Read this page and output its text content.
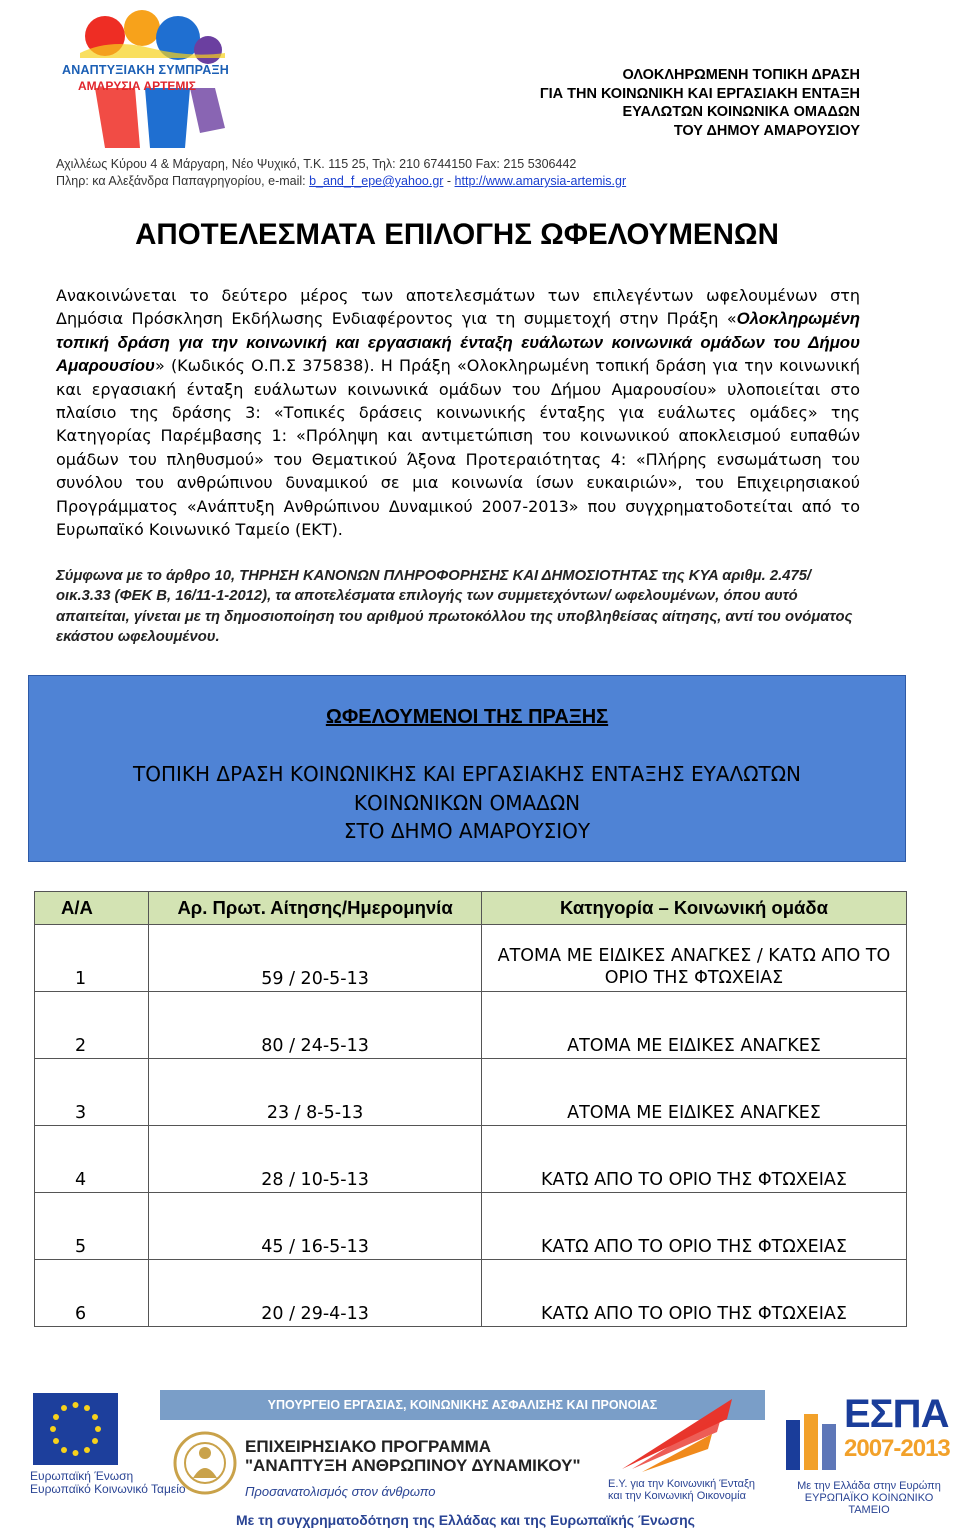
ΑΝΑΠΤΥΞΙΑΚΗ ΣΥΜΠΡΑΞΗ
ΑΜΑΡΥΣΙΑ ΑΡΤΕΜΙΣ
ΟΛΟΚΛΗΡΩΜΕΝΗ ΤΟΠΙΚΗ ΔΡΑΣΗ
ΓΙΑ ΤΗΝ ΚΟΙΝΩΝΙΚΗ ΚΑΙ ΕΡΓΑΣΙΑΚΗ ΕΝΤΑΞΗ
ΕΥΑΛΩΤΩΝ ΚΟΙΝΩΝΙΚΑ ΟΜΑΔΩΝ
ΤΟΥ ΔΗΜΟΥ ΑΜΑΡΟΥΣΙΟΥ
Αχιλλέως Κύρου 4 & Μάρyαρη, Νέο Ψυχικό, Τ.Κ. 115 25, Τηλ: 210 6744150 Fax: 215 5306442
Πληρ: κα Αλεξάνδρα Παπαγρηγορίου, e-mail: b_and_f_epe@yahoo.gr - http://www.amarysia-artemis.gr
ΑΠΟΤΕΛΕΣΜΑΤΑ ΕΠΙΛΟΓΗΣ ΩΦΕΛΟΥΜΕΝΩΝ
Ανακοινώνεται το δεύτερο μέρος των αποτελεσμάτων των επιλεγέντων ωφελουμένων στη Δημόσια Πρόσκληση Εκδήλωσης Ενδιαφέροντος για τη συμμετοχή στην Πράξη «Ολοκληρωμένη τοπική δράση για την κοινωνική και εργασιακή ένταξη ευάλωτων κοινωνικά ομάδων του Δήμου Αμαρουσίου» (Κωδικός Ο.Π.Σ 375838). Η Πράξη «Ολοκληρωμένη τοπική δράση για την κοινωνική και εργασιακή ένταξη ευάλωτων κοινωνικά ομάδων του Δήμου Αμαρουσίου» υλοποιείται στο πλαίσιο της δράσης 3: «Τοπικές δράσεις κοινωνικής ένταξης για ευάλωτες ομάδες» της Κατηγορίας Παρέμβασης 1: «Πρόληψη και αντιμετώπιση του κοινωνικού αποκλεισμού ευπαθών ομάδων του πληθυσμού» του Θεματικού Άξονα Προτεραιότητας 4: «Πλήρης ενσωμάτωση του συνόλου του ανθρώπινου δυναμικού σε μια κοινωνία ίσων ευκαιριών», του Επιχειρησιακού Προγράμματος «Ανάπτυξη Ανθρώπινου Δυναμικού 2007-2013» που συγχρηματοδοτείται από το Ευρωπαϊκό Κοινωνικό Ταμείο (ΕΚΤ).
Σύμφωνα με το άρθρο 10, ΤΗΡΗΣΗ ΚΑΝΟΝΩΝ ΠΛΗΡΟΦΟΡΗΣΗΣ ΚΑΙ ΔΗΜΟΣΙΟΤΗΤΑΣ της ΚΥΑ αριθμ. 2.475/οικ.3.33 (ΦΕΚ Β, 16/11-1-2012), τα αποτελέσματα επιλογής των συμμετεχόντων/ ωφελουμένων, όπου αυτό απαιτείται, γίνεται με τη δημοσιοποίηση του αριθμού πρωτοκόλλου της υποβληθείσας αίτησης, αντί του ονόματος εκάστου ωφελουμένου.
ΩΦΕΛΟΥΜΕΝΟΙ ΤΗΣ ΠΡΑΞΗΣ
ΤΟΠΙΚΗ ΔΡΑΣΗ ΚΟΙΝΩΝΙΚΗΣ ΚΑΙ ΕΡΓΑΣΙΑΚΗΣ ΕΝΤΑΞΗΣ ΕΥΑΛΩΤΩΝ
ΚΟΙΝΩΝΙΚΩΝ ΟΜΑΔΩΝ
ΣΤΟ ΔΗΜΟ ΑΜΑΡΟΥΣΙΟΥ
Α/Α	Αρ. Πρωτ. Αίτησης/Ημερομηνία	Κατηγορία – Κοινωνική ομάδα
1	59 / 20-5-13	ΑΤΟΜΑ ΜΕ ΕΙΔΙΚΕΣ ΑΝΑΓΚΕΣ / ΚΑΤΩ ΑΠΟ ΤΟ
ΟΡΙΟ ΤΗΣ ΦΤΩΧΕΙΑΣ

2	80 / 24-5-13	ΑΤΟΜΑ ΜΕ ΕΙΔΙΚΕΣ ΑΝΑΓΚΕΣ
3	23 / 8-5-13	ΑΤΟΜΑ ΜΕ ΕΙΔΙΚΕΣ ΑΝΑΓΚΕΣ
4	28 / 10-5-13	ΚΑΤΩ ΑΠΟ ΤΟ ΟΡΙΟ ΤΗΣ ΦΤΩΧΕΙΑΣ
5	45 / 16-5-13	ΚΑΤΩ ΑΠΟ ΤΟ ΟΡΙΟ ΤΗΣ ΦΤΩΧΕΙΑΣ
6	20 / 29-4-13	ΚΑΤΩ ΑΠΟ ΤΟ ΟΡΙΟ ΤΗΣ ΦΤΩΧΕΙΑΣ
Ευρωπαϊκή Ένωση
Ευρωπαϊκό Κοινωνικό Ταμείο
ΥΠΟΥΡΓΕΙΟ ΕΡΓΑΣΙΑΣ, ΚΟΙΝΩΝΙΚΗΣ ΑΣΦΑΛΙΣΗΣ ΚΑΙ ΠΡΟΝΟΙΑΣ
ΕΠΙΧΕΙΡΗΣΙΑΚΟ ΠΡΟΓΡΑΜΜΑ
"ΑΝΑΠΤΥΞΗ ΑΝΘΡΩΠΙΝΟΥ ΔΥΝΑΜΙΚΟΥ"
Προσανατολισμός στον άνθρωπο	Ε.Υ. για την Κοινωνική Ένταξη
και την Κοινωνική Οικονομία
ΕΣΠΑ
2007-2013
Με την Ελλάδα στην Ευρώπη
ΕΥΡΩΠΑΪΚΟ ΚΟΙΝΩΝΙΚΟ ΤΑΜΕΙΟ
Με τη συγχρηματοδότηση της Ελλάδας και της Ευρωπαϊκής Ένωσης
